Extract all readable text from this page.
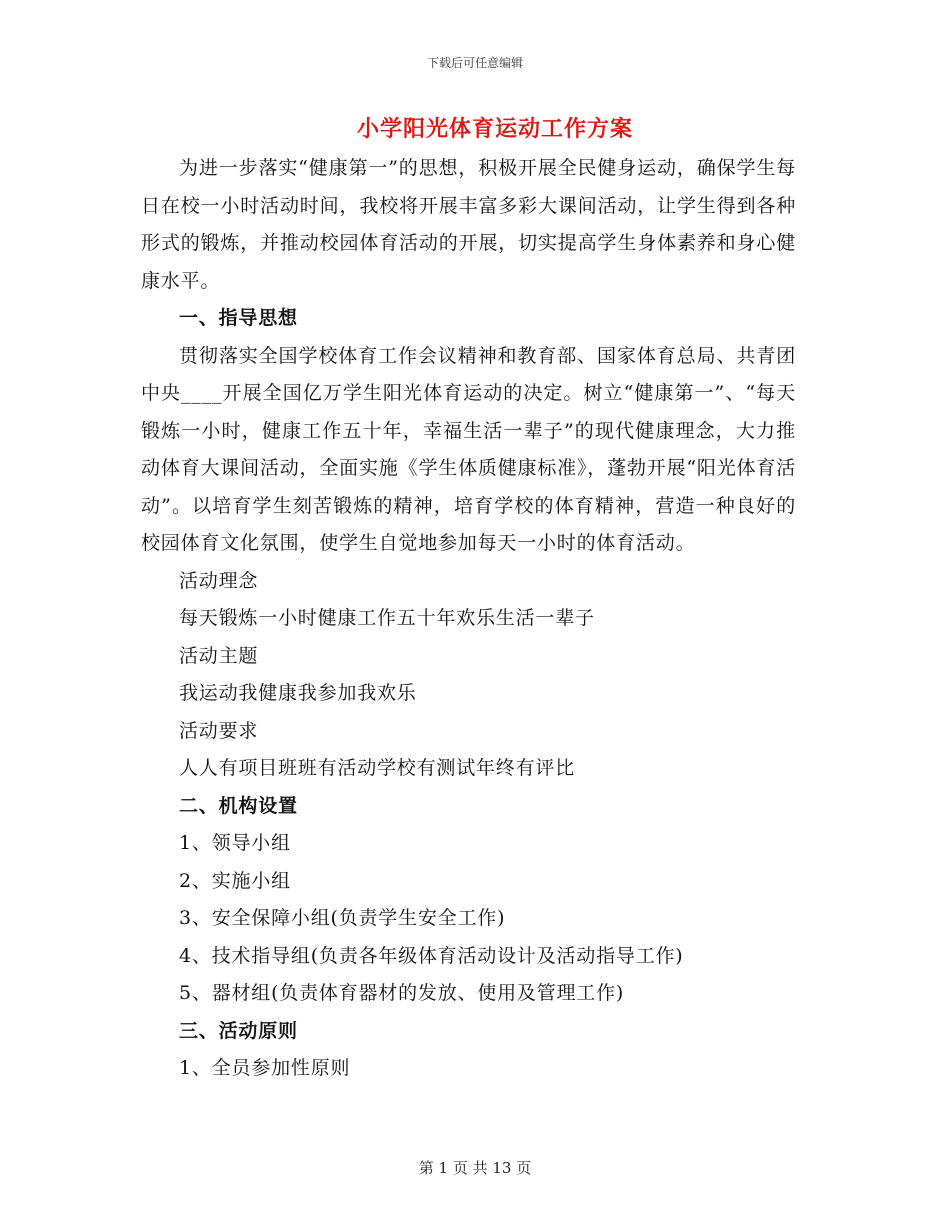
下载后可任意编辑
小学阳光体育运动工作方案

为进一步落实“健康第一”的思想，积极开展全民健身运动，确保学生每日在校一小时活动时间，我校将开展丰富多彩大课间活动，让学生得到各种形式的锻炼，并推动校园体育活动的开展，切实提高学生身体素养和身心健康水平。

一、指导思想

贯彻落实全国学校体育工作会议精神和教育部、国家体育总局、共青团中央____开展全国亿万学生阳光体育运动的决定。树立“健康第一”、“每天锻炼一小时，健康工作五十年，幸福生活一辈子”的现代健康理念，大力推动体育大课间活动，全面实施《学生体质健康标准》，蓬勃开展“阳光体育活动”。以培育学生刻苦锻炼的精神，培育学校的体育精神，营造一种良好的校园体育文化氛围，使学生自觉地参加每天一小时的体育活动。

活动理念

每天锻炼一小时健康工作五十年欢乐生活一辈子

活动主题

我运动我健康我参加我欢乐

活动要求

人人有项目班班有活动学校有测试年终有评比

二、机构设置

1、领导小组

2、实施小组

3、安全保障小组(负责学生安全工作)

4、技术指导组(负责各年级体育活动设计及活动指导工作)

5、器材组(负责体育器材的发放、使用及管理工作)

三、活动原则

1、全员参加性原则

第 1 页 共 13 页
